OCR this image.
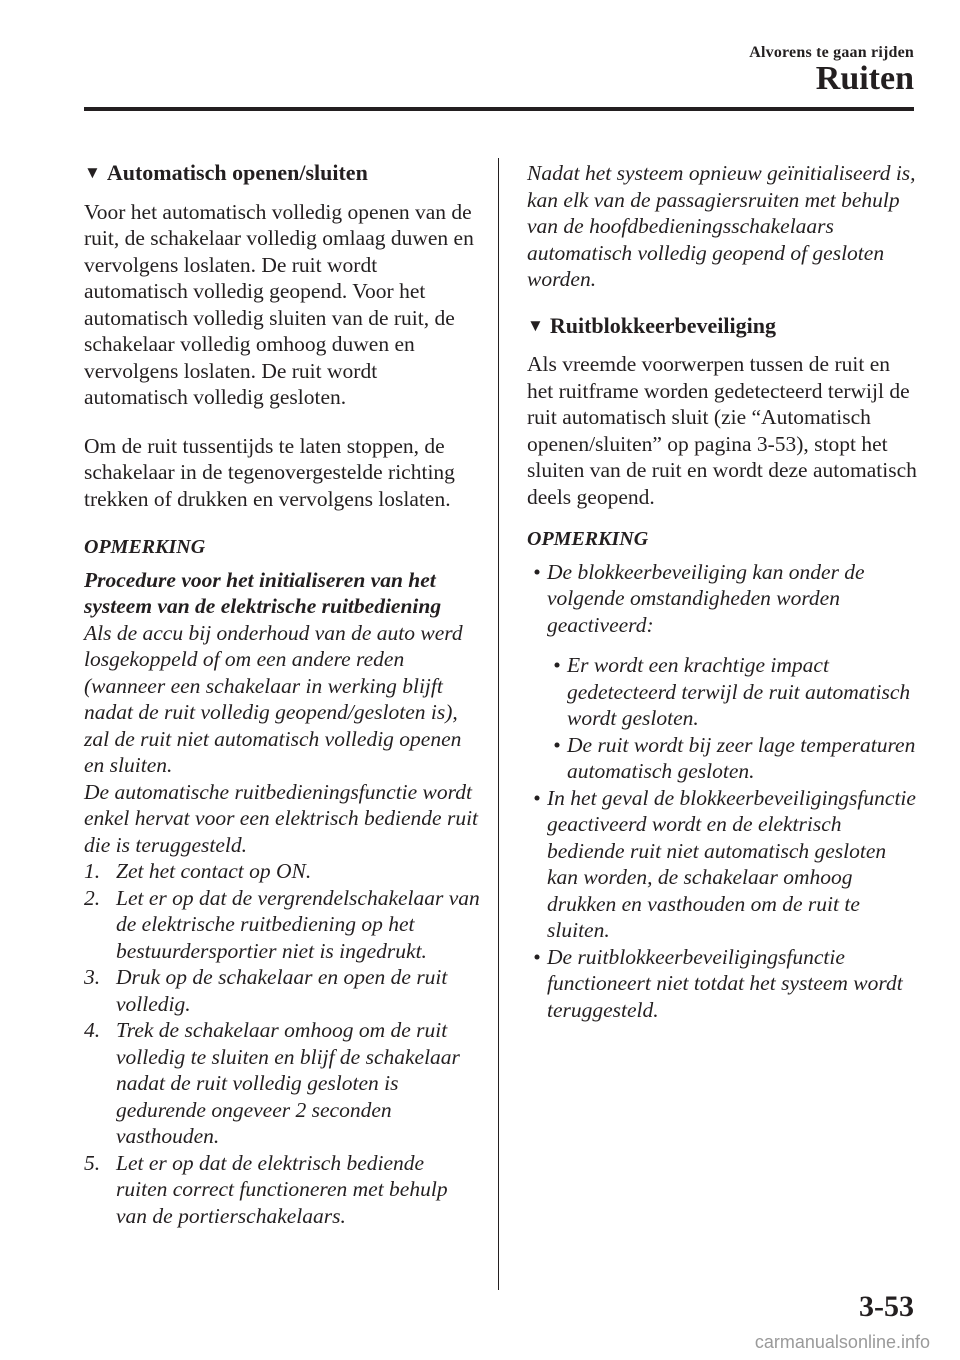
Alvorens te gaan rijden
Ruiten
▼ Automatisch openen/sluiten

Voor het automatisch volledig openen van de ruit, de schakelaar volledig omlaag duwen en vervolgens loslaten. De ruit wordt automatisch volledig geopend. Voor het automatisch volledig sluiten van de ruit, de schakelaar volledig omhoog duwen en vervolgens loslaten. De ruit wordt automatisch volledig gesloten.

Om de ruit tussentijds te laten stoppen, de schakelaar in de tegenovergestelde richting trekken of drukken en vervolgens loslaten.

OPMERKING

Procedure voor het initialiseren van het systeem van de elektrische ruitbediening

Als de accu bij onderhoud van de auto werd losgekoppeld of om een andere reden (wanneer een schakelaar in werking blijft nadat de ruit volledig geopend/gesloten is), zal de ruit niet automatisch volledig openen en sluiten.

De automatische ruitbedieningsfunctie wordt enkel hervat voor een elektrisch bediende ruit die is teruggesteld.

1. Zet het contact op ON.
2. Let er op dat de vergrendelschakelaar van de elektrische ruitbediening op het bestuurdersportier niet is ingedrukt.
3. Druk op de schakelaar en open de ruit volledig.
4. Trek de schakelaar omhoog om de ruit volledig te sluiten en blijf de schakelaar nadat de ruit volledig gesloten is gedurende ongeveer 2 seconden vasthouden.
5. Let er op dat de elektrisch bediende ruiten correct functioneren met behulp van de portierschakelaars.

Nadat het systeem opnieuw geïnitialiseerd is, kan elk van de passagiersruiten met behulp van de hoofdbedieningsschakelaars automatisch volledig geopend of gesloten worden.

▼ Ruitblokkeerbeveiliging

Als vreemde voorwerpen tussen de ruit en het ruitframe worden gedetecteerd terwijl de ruit automatisch sluit (zie “Automatisch openen/sluiten” op pagina 3-53), stopt het sluiten van de ruit en wordt deze automatisch deels geopend.

OPMERKING
• De blokkeerbeveiliging kan onder de volgende omstandigheden worden geactiveerd:
• Er wordt een krachtige impact gedetecteerd terwijl de ruit automatisch wordt gesloten.
• De ruit wordt bij zeer lage temperaturen automatisch gesloten.
• In het geval de blokkeerbeveiligingsfunctie geactiveerd wordt en de elektrisch bediende ruit niet automatisch gesloten kan worden, de schakelaar omhoog drukken en vasthouden om de ruit te sluiten.
• De ruitblokkeerbeveiligingsfunctie functioneert niet totdat het systeem wordt teruggesteld.
3-53
carmanualsonline.info
